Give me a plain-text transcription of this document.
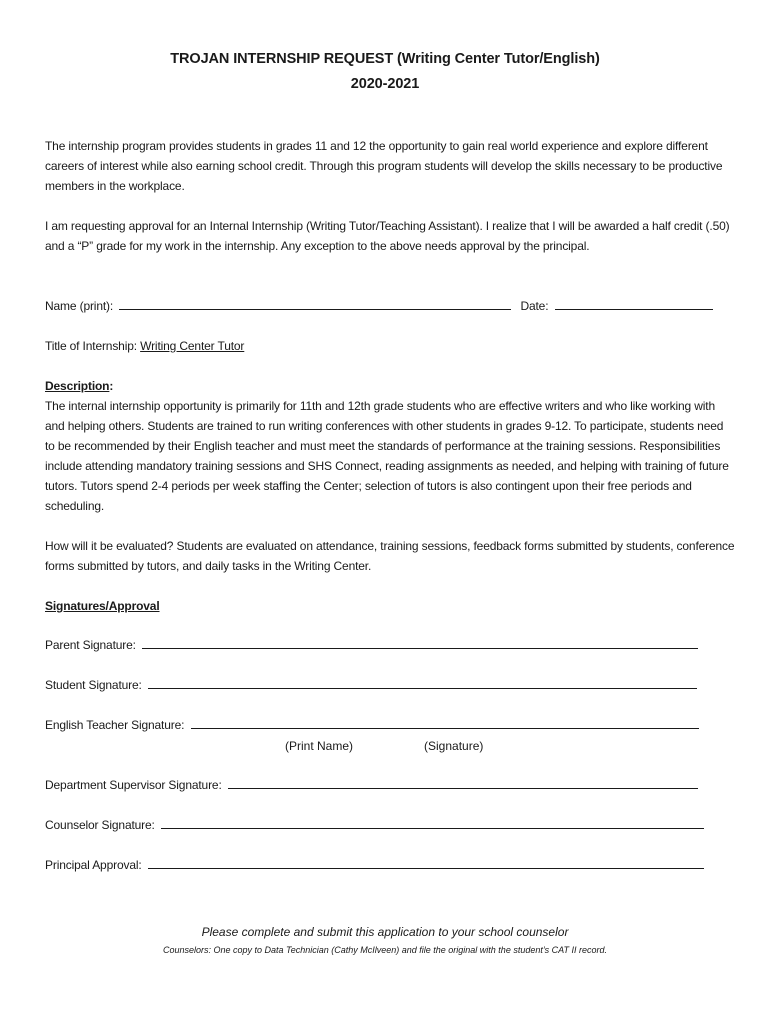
TROJAN INTERNSHIP REQUEST (Writing Center Tutor/English)
2020-2021

The internship program provides students in grades 11 and 12 the opportunity to gain real world experience and explore different careers of interest while also earning school credit. Through this program students will develop the skills necessary to be productive members in the workplace.

I am requesting approval for an Internal Internship (Writing Tutor/Teaching Assistant). I realize that I will be awarded a half credit (.50) and a “P” grade for my work in the internship. Any exception to the above needs approval by the principal.

Name (print):	Date:
Title of Internship: Writing Center Tutor
Description:

The internal internship opportunity is primarily for 11th and 12th grade students who are effective writers and who like working with and helping others. Students are trained to run writing conferences with other students in grades 9-12. To participate, students need to be recommended by their English teacher and must meet the standards of performance at the training sessions. Responsibilities include attending mandatory training sessions and SHS Connect, reading assignments as needed, and helping with training of future tutors. Tutors spend 2-4 periods per week staffing the Center; selection of tutors is also contingent upon their free periods and scheduling.

How will it be evaluated? Students are evaluated on attendance, training sessions, feedback forms submitted by students, conference forms submitted by tutors, and daily tasks in the Writing Center.

Signatures/Approval
Parent Signature:
Student Signature:
English Teacher Signature:
(Print Name)	(Signature)
Department Supervisor Signature:
Counselor Signature:
Principal Approval:
Please complete and submit this application to your school counselor
Counselors: One copy to Data Technician (Cathy McIlveen) and file the original with the student’s CAT II record.
